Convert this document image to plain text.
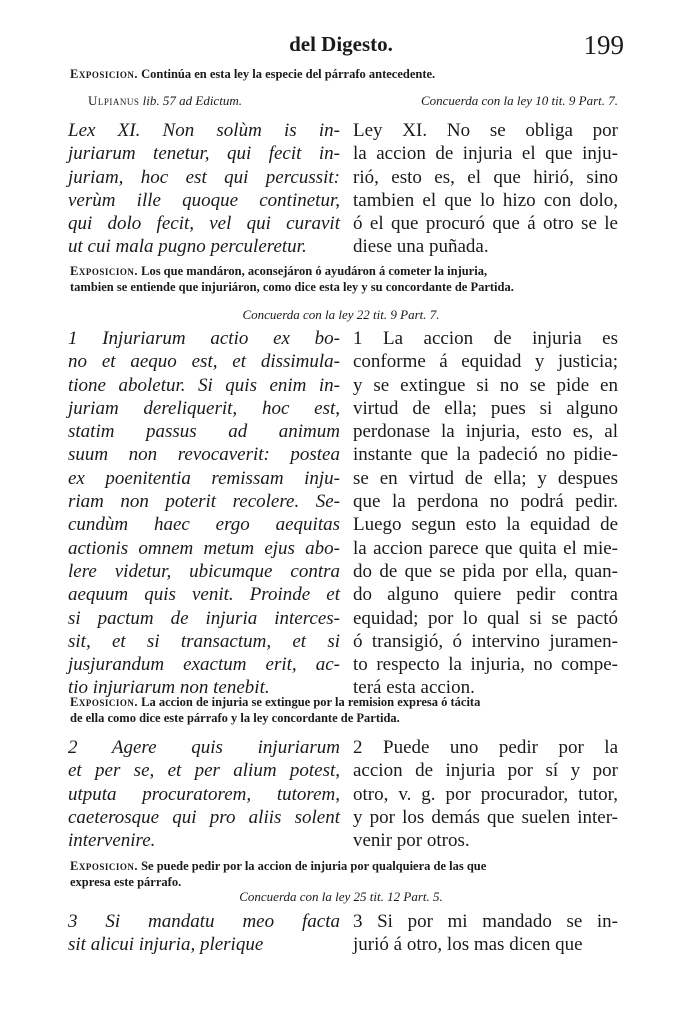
del Digesto.	199
Exposicion. Continúa en esta ley la especie del párrafo antecedente.
Ulpianus lib. 57 ad Edictum.	Concuerda con la ley 10 tit. 9 Part. 7.
Lex XI. Non solùm is in-
juriarum tenetur, qui fecit in-
juriam, hoc est qui percussit:
verùm ille quoque continetur,
qui dolo fecit, vel qui curavit
ut cui mala pugno perculeretur.
Ley XI. No se obliga por
la accion de injuria el que inju-
rió, esto es, el que hirió, sino
tambien el que lo hizo con dolo,
ó el que procuró que á otro se le
diese una puñada.
Exposicion. Los que mandáron, aconsejáron ó ayudáron á cometer la injuria,
tambien se entiende que injuriáron, como dice esta ley y su concordante de Partida.
Concuerda con la ley 22 tit. 9 Part. 7.
1 Injuriarum actio ex bo-
no et aequo est, et dissimula-
tione aboletur. Si quis enim in-
juriam dereliquerit, hoc est,
statim passus ad animum
suum non revocaverit: postea
ex poenitentia remissam inju-
riam non poterit recolere. Se-
cundùm haec ergo aequitas
actionis omnem metum ejus abo-
lere videtur, ubicumque contra
aequum quis venit. Proinde et
si pactum de injuria interces-
sit, et si transactum, et si
jusjurandum exactum erit, ac-
tio injuriarum non tenebit.
1 La accion de injuria es
conforme á equidad y justicia;
y se extingue si no se pide en
virtud de ella; pues si alguno
perdonase la injuria, esto es, al
instante que la padeció no pidie-
se en virtud de ella; y despues
que la perdona no podrá pedir.
Luego segun esto la equidad de
la accion parece que quita el mie-
do de que se pida por ella, quan-
do alguno quiere pedir contra
equidad; por lo qual si se pactó
ó transigió, ó intervino juramen-
to respecto la injuria, no compe-
terá esta accion.
Exposicion. La accion de injuria se extingue por la remision expresa ó tácita
de ella como dice este párrafo y la ley concordante de Partida.
2 Agere quis injuriarum
et per se, et per alium potest,
utputa procuratorem, tutorem,
caeterosque qui pro aliis solent
intervenire.
2 Puede uno pedir por la
accion de injuria por sí y por
otro, v. g. por procurador, tutor,
y por los demás que suelen inter-
venir por otros.
Exposicion. Se puede pedir por la accion de injuria por qualquiera de las que
expresa este párrafo.
Concuerda con la ley 25 tit. 12 Part. 5.
3 Si mandatu meo facta
sit alicui injuria, plerique
3 Si por mi mandado se in-
jurió á otro, los mas dicen que
